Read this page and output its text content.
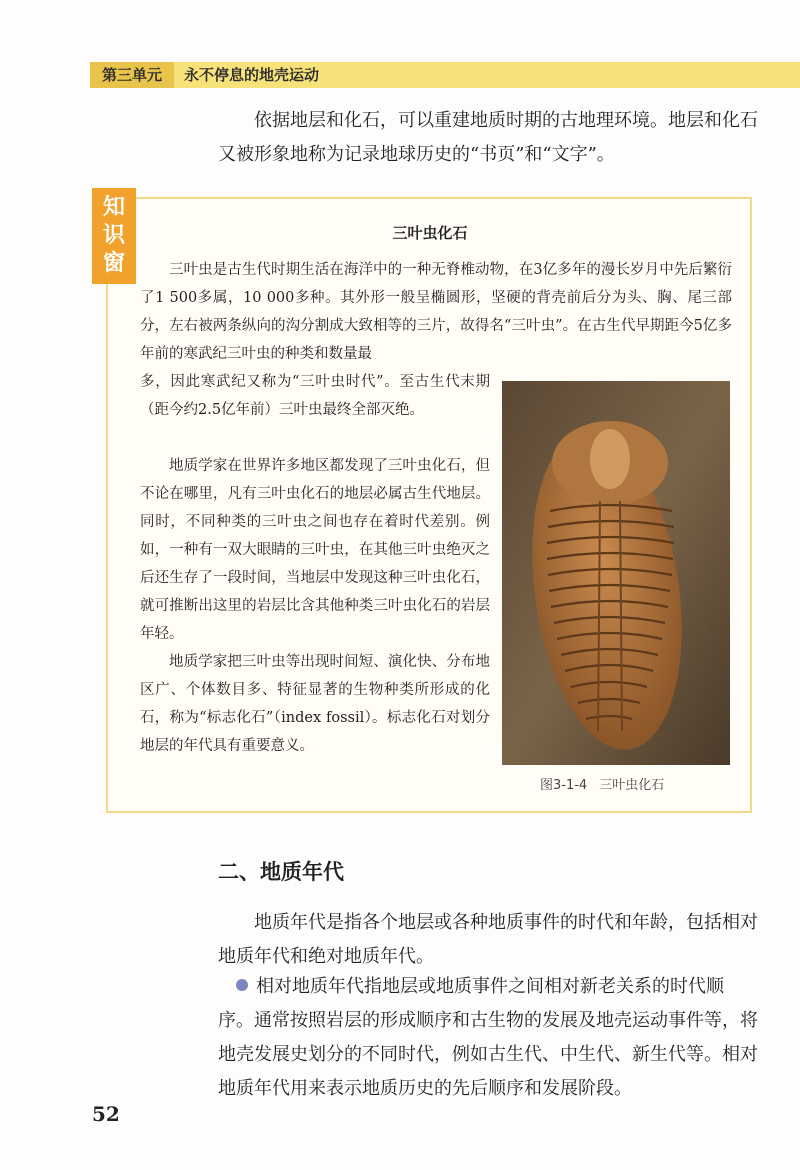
第三单元	永不停息的地壳运动

依据地层和化石，可以重建地质时期的古地理环境。地层和化石又被形象地称为记录地球历史的“书页”和“文字”。

知
识
窗
三叶虫化石

三叶虫是古生代时期生活在海洋中的一种无脊椎动物，在3亿多年的漫长岁月中先后繁衍了1 500多属，10 000多种。其外形一般呈椭圆形，坚硬的背壳前后分为头、胸、尾三部分，左右被两条纵向的沟分割成大致相等的三片，故得名“三叶虫”。在古生代早期距今5亿多年前的寒武纪三叶虫的种类和数量最

多，因此寒武纪又称为“三叶虫时代”。至古生代末期（距今约2.5亿年前）三叶虫最终全部灭绝。

地质学家在世界许多地区都发现了三叶虫化石，但不论在哪里，凡有三叶虫化石的地层必属古生代地层。同时，不同种类的三叶虫之间也存在着时代差别。例如，一种有一双大眼睛的三叶虫，在其他三叶虫绝灭之后还生存了一段时间，当地层中发现这种三叶虫化石，就可推断出这里的岩层比含其他种类三叶虫化石的岩层年轻。

地质学家把三叶虫等出现时间短、演化快、分布地区广、个体数目多、特征显著的生物种类所形成的化石，称为“标志化石”（index fossil）。标志化石对划分地层的年代具有重要意义。

图3-1-4 三叶虫化石
二、地质年代

地质年代是指各个地层或各种地质事件的时代和年龄，包括相对地质年代和绝对地质年代。

相对地质年代指地层或地质事件之间相对新老关系的时代顺序。通常按照岩层的形成顺序和古生物的发展及地壳运动事件等，将地壳发展史划分的不同时代，例如古生代、中生代、新生代等。相对地质年代用来表示地质历史的先后顺序和发展阶段。

52
